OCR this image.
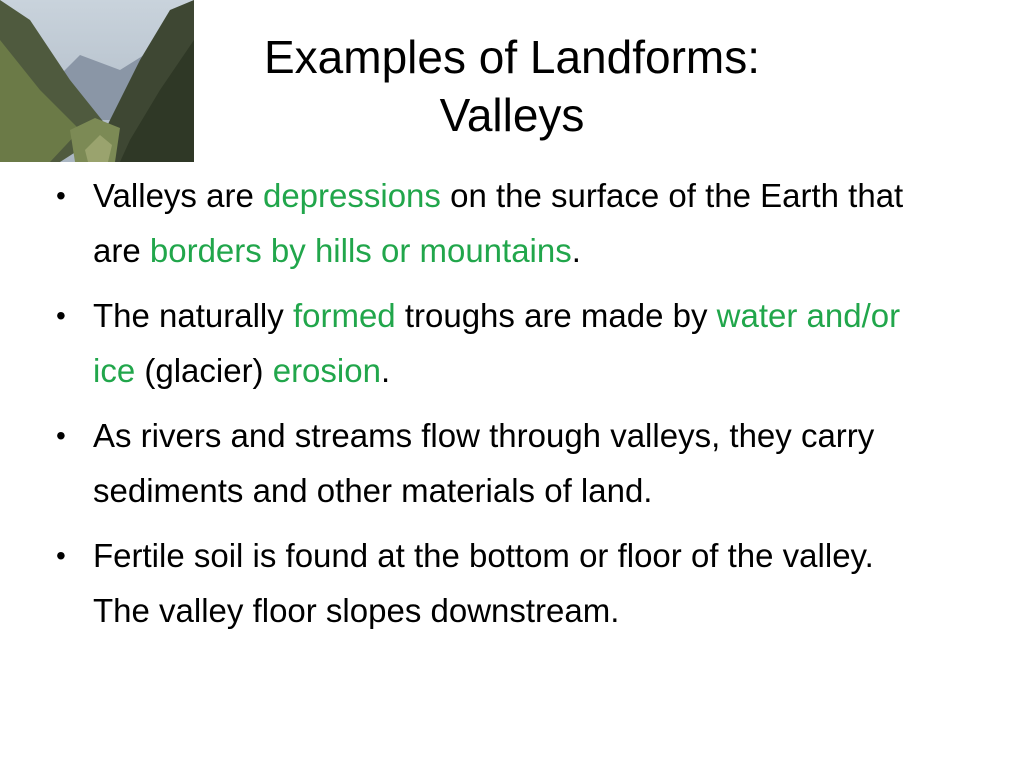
Examples of Landforms:
Valleys
• Valleys are depressions on the surface of the Earth that are borders by hills or mountains.
• The naturally formed troughs are made by water and/or ice (glacier) erosion.
• As rivers and streams flow through valleys, they carry sediments and other materials of land.
• Fertile soil is found at the bottom or floor of the valley. The valley floor slopes downstream.
